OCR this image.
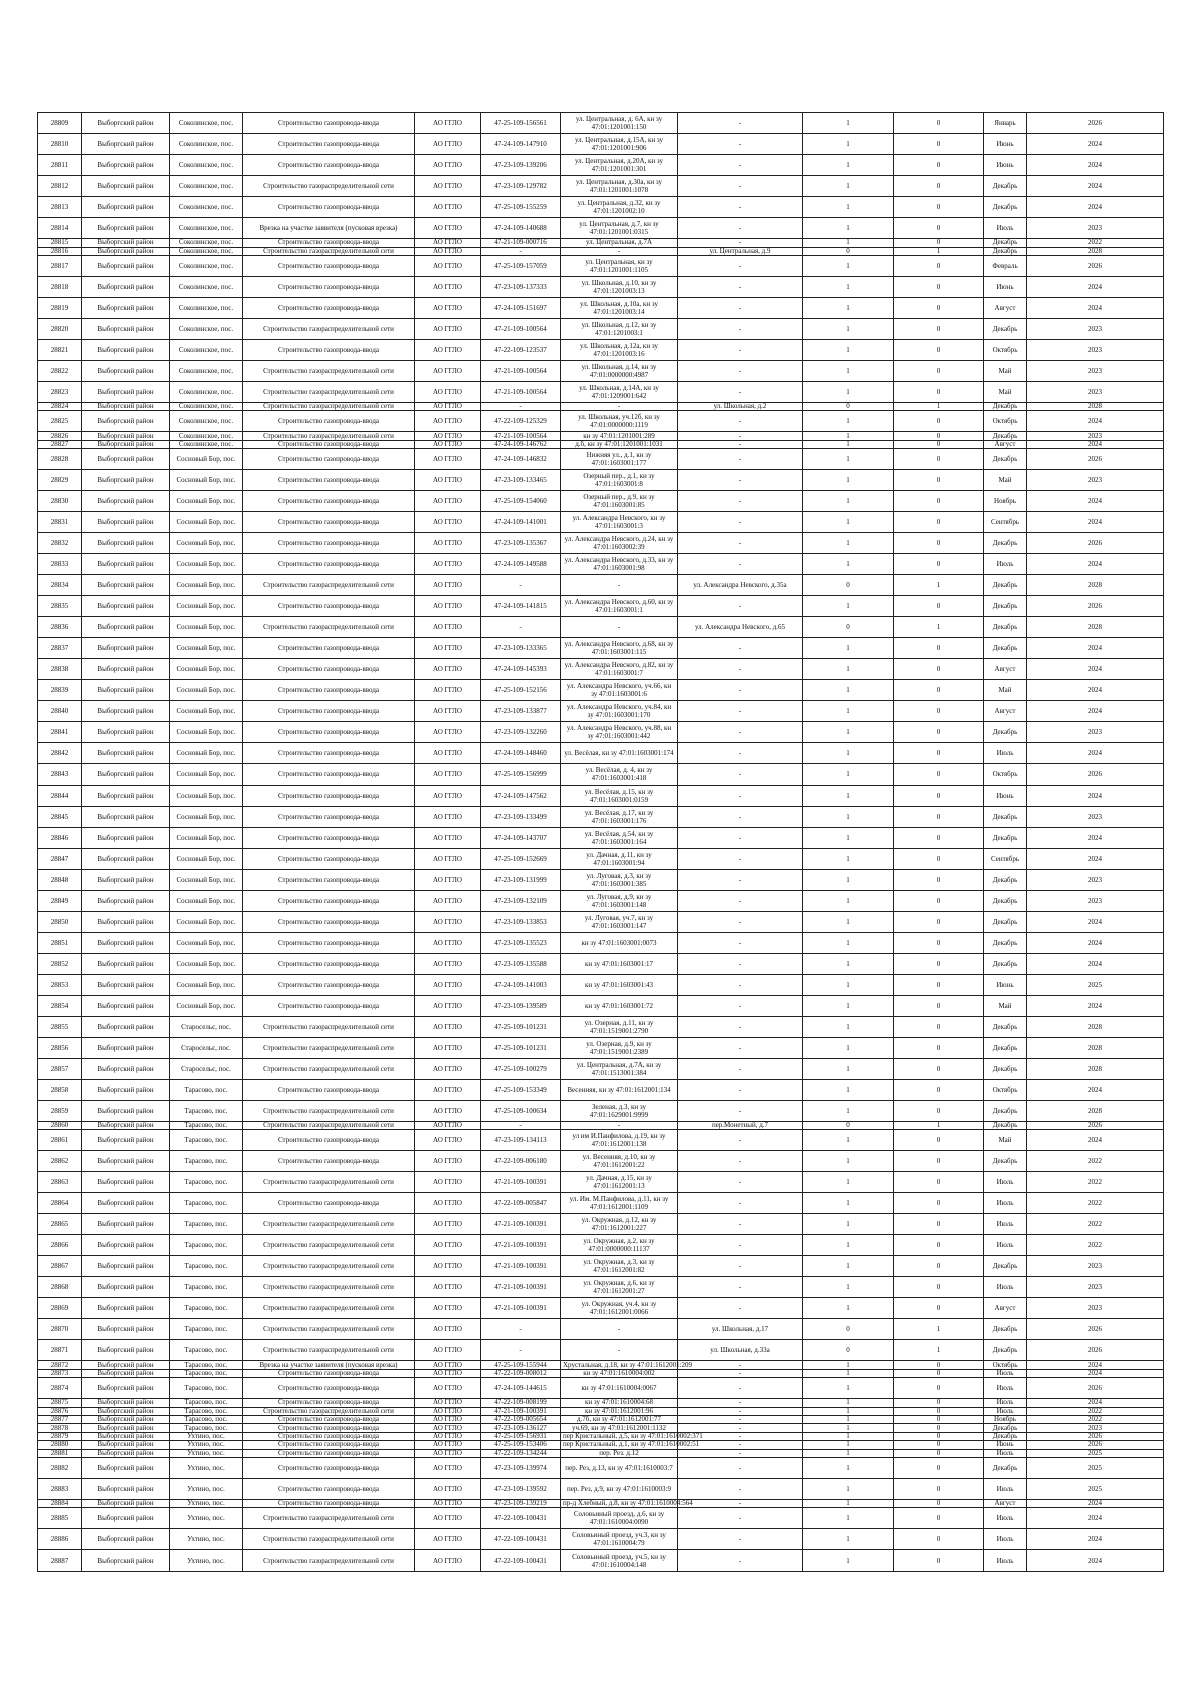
28809	Выборгский район	Соколинское, пос.	Строительство газопровода-ввода	АО ГГЛО	47-25-109-156561	ул. Центральная, д. 6А, кн зу 47:01:1201001:150	-	1	0	Январь	2026
28810	Выборгский район	Соколинское, пос.	Строительство газопровода-ввода	АО ГГЛО	47-24-109-147910	ул. Центральная, д.15А, кн зу 47:01:1201001:906	-	1	0	Июнь	2024
28811	Выборгский район	Соколинское, пос.	Строительство газопровода-ввода	АО ГГЛО	47-23-109-139206	ул. Центральная, д.20А, кн зу 47:01:1201001:301	-	1	0	Июнь	2024
28812	Выборгский район	Соколинское, пос.	Строительство газораспределительной сети	АО ГГЛО	47-23-109-129782	ул. Центральная, д.30а, кн зу 47:01:1201001:1078	-	1	0	Декабрь	2024
28813	Выборгский район	Соколинское, пос.	Строительство газопровода-ввода	АО ГГЛО	47-25-109-155259	ул. Центральная, д.32, кн зу 47:01:1201002:10	-	1	0	Декабрь	2024
28814	Выборгский район	Соколинское, пос.	Врезка на участке заявителя (пусковая врезка)	АО ГГЛО	47-24-109-140688	ул. Центральная, д.7, кн зу 47:01:1201001:0315	-	1	0	Июль	2023
28815	Выборгский район	Соколинское, пос.	Строительство газопровода-ввода	АО ГГЛО	47-21-109-000716	ул. Центральная, д.7А	-	1	0	Декабрь	2022
28816	Выборгский район	Соколинское, пос.	Строительство газораспределительной сети	АО ГГЛО	-	-	ул. Центральная, д.9	0	1	Декабрь	2028
28817	Выборгский район	Соколинское, пос.	Строительство газопровода-ввода	АО ГГЛО	47-25-109-157059	ул. Центральная, кн зу 47:01:1201001:1105	-	1	0	Февраль	2026
28818	Выборгский район	Соколинское, пос.	Строительство газопровода-ввода	АО ГГЛО	47-23-109-137333	ул. Школьная, д.10, кн зу 47:01:1201003:13	-	1	0	Июнь	2024
28819	Выборгский район	Соколинское, пос.	Строительство газопровода-ввода	АО ГГЛО	47-24-109-151697	ул. Школьная, д.10а, кн зу 47:01:1201003:14	-	1	0	Август	2024
28820	Выборгский район	Соколинское, пос.	Строительство газораспределительной сети	АО ГГЛО	47-21-109-100564	ул. Школьная, д.12, кн зу 47:01:1201003:1	-	1	0	Декабрь	2023
28821	Выборгский район	Соколинское, пос.	Строительство газопровода-ввода	АО ГГЛО	47-22-109-123537	ул. Школьная, д.12а, кн зу 47:01:1201003:16	-	1	0	Октябрь	2023
28822	Выборгский район	Соколинское, пос.	Строительство газораспределительной сети	АО ГГЛО	47-21-109-100564	ул. Школьная, д.14, кн зу 47:01:0000000:4987	-	1	0	Май	2023
28823	Выборгский район	Соколинское, пос.	Строительство газораспределительной сети	АО ГГЛО	47-21-109-100564	ул. Школьная, д.14А, кн зу 47:01:1209001:642	-	1	0	Май	2023
28824	Выборгский район	Соколинское, пос.	Строительство газораспределительной сети	АО ГГЛО	-	-	ул. Школьная, д.2	0	1	Декабрь	2028
28825	Выборгский район	Соколинское, пос.	Строительство газопровода-ввода	АО ГГЛО	47-22-109-125329	ул. Школьная, уч.12б, кн зу 47:01:0000000:1119	-	1	0	Октябрь	2024
28826	Выборгский район	Соколинское, пос.	Строительство газораспределительной сети	АО ГГЛО	47-21-109-100564	кн зу 47:01:1201001:289	-	1	0	Декабрь	2023
28827	Выборгский район	Соколинское, пос.	Строительство газопровода-ввода	АО ГГЛО	47-24-109-146762	д.б, кн зу 47:01:1201001:1031	-	1	0	Август	2024
28828	Выборгский район	Сосновый Бор, пос.	Строительство газопровода-ввода	АО ГГЛО	47-24-109-146832	Нижняя ул., д.1, кн зу 47:01:1603001:177	-	1	0	Декабрь	2026
28829	Выборгский район	Сосновый Бор, пос.	Строительство газопровода-ввода	АО ГГЛО	47-23-109-133465	Озерный пер., д.1, кн зу 47:01:1603001:8	-	1	0	Май	2023
28830	Выборгский район	Сосновый Бор, пос.	Строительство газопровода-ввода	АО ГГЛО	47-25-109-154060	Озерный пер., д.9, кн зу 47:01:1603001:85	-	1	0	Ноябрь	2024
28831	Выборгский район	Сосновый Бор, пос.	Строительство газопровода-ввода	АО ГГЛО	47-24-109-141001	ул. Александра Невского, кн зу 47:01:1603001:3	-	1	0	Сентябрь	2024
28832	Выборгский район	Сосновый Бор, пос.	Строительство газопровода-ввода	АО ГГЛО	47-23-109-135367	ул. Александра Невского, д.24, кн зу 47:01:1603002:39	-	1	0	Декабрь	2026
28833	Выборгский район	Сосновый Бор, пос.	Строительство газопровода-ввода	АО ГГЛО	47-24-109-149588	ул. Александра Невского, д.33, кн зу 47:01:1603001:98	-	1	0	Июль	2024
28834	Выборгский район	Сосновый Бор, пос.	Строительство газораспределительной сети	АО ГГЛО	-	-	ул. Александра Невского, д.35а	0	1	Декабрь	2028
28835	Выборгский район	Сосновый Бор, пос.	Строительство газопровода-ввода	АО ГГЛО	47-24-109-141815	ул. Александра Невского, д.60, кн зу 47:01:1603001:1	-	1	0	Декабрь	2026
28836	Выборгский район	Сосновый Бор, пос.	Строительство газораспределительной сети	АО ГГЛО	-	-	ул. Александра Невского, д.65	0	1	Декабрь	2028
28837	Выборгский район	Сосновый Бор, пос.	Строительство газопровода-ввода	АО ГГЛО	47-23-109-133365	ул. Александра Невского, д.68, кн зу 47:01:1603001:115	-	1	0	Декабрь	2024
28838	Выборгский район	Сосновый Бор, пос.	Строительство газопровода-ввода	АО ГГЛО	47-24-109-145393	ул. Александра Невского, д.82, кн зу 47:01:1603001:7	-	1	0	Август	2024
28839	Выборгский район	Сосновый Бор, пос.	Строительство газопровода-ввода	АО ГГЛО	47-25-109-152156	ул. Александра Невского, уч.66, кн зу 47:01:1603001:6	-	1	0	Май	2024
28840	Выборгский район	Сосновый Бор, пос.	Строительство газопровода-ввода	АО ГГЛО	47-23-109-133877	ул. Александра Невского, уч.84, кн зу 47:01:1603001:170	-	1	0	Август	2024
28841	Выборгский район	Сосновый Бор, пос.	Строительство газопровода-ввода	АО ГГЛО	47-23-109-132260	ул. Александра Невского, уч.88, кн зу 47:01:1603001:442	-	1	0	Декабрь	2023
28842	Выборгский район	Сосновый Бор, пос.	Строительство газопровода-ввода	АО ГГЛО	47-24-109-148460	ул. Весёлая, кн зу 47:01:1603001:174	-	1	0	Июль	2024
28843	Выборгский район	Сосновый Бор, пос.	Строительство газопровода-ввода	АО ГГЛО	47-25-109-156999	ул. Весёлая, д. 4, кн зу 47:01:1603001:418	-	1	0	Октябрь	2026
28844	Выборгский район	Сосновый Бор, пос.	Строительство газопровода-ввода	АО ГГЛО	47-24-109-147562	ул. Весёлая, д.15, кн зу 47:01:1603001:0159	-	1	0	Июнь	2024
28845	Выборгский район	Сосновый Бор, пос.	Строительство газопровода-ввода	АО ГГЛО	47-23-109-133499	ул. Весёлая, д.17, кн зу 47:01:1603001:176	-	1	0	Декабрь	2023
28846	Выборгский район	Сосновый Бор, пос.	Строительство газопровода-ввода	АО ГГЛО	47-24-109-143707	ул. Весёлая, д.54, кн зу 47:01:1603001:164	-	1	0	Декабрь	2024
28847	Выборгский район	Сосновый Бор, пос.	Строительство газопровода-ввода	АО ГГЛО	47-25-109-152669	ул. Дачная, д.11, кн зу 47:01:1603001:94	-	1	0	Сентябрь	2024
28848	Выборгский район	Сосновый Бор, пос.	Строительство газопровода-ввода	АО ГГЛО	47-23-109-131999	ул. Луговая, д.3, кн зу 47:01:1603001:385	-	1	0	Декабрь	2023
28849	Выборгский район	Сосновый Бор, пос.	Строительство газопровода-ввода	АО ГГЛО	47-23-109-132109	ул. Луговая, д.9, кн зу 47:01:1603001:148	-	1	0	Декабрь	2023
28850	Выборгский район	Сосновый Бор, пос.	Строительство газопровода-ввода	АО ГГЛО	47-23-109-133853	ул. Луговая, уч.7, кн зу 47:01:1603001:147	-	1	0	Декабрь	2024
28851	Выборгский район	Сосновый Бор, пос.	Строительство газопровода-ввода	АО ГГЛО	47-23-109-135523	кн зу 47:01:1603001:0073	-	1	0	Декабрь	2024
28852	Выборгский район	Сосновый Бор, пос.	Строительство газопровода-ввода	АО ГГЛО	47-23-109-135588	кн зу 47:01:1603001:17	-	1	0	Декабрь	2024
28853	Выборгский район	Сосновый Бор, пос.	Строительство газопровода-ввода	АО ГГЛО	47-24-109-141003	кн зу 47:01:1603001:43	-	1	0	Июнь	2025
28854	Выборгский район	Сосновый Бор, пос.	Строительство газопровода-ввода	АО ГГЛО	47-23-109-139589	кн зу 47:01:1603001:72	-	1	0	Май	2024
28855	Выборгский район	Старосельє, пос.	Строительство газораспределительной сети	АО ГГЛО	47-25-109-101231	ул. Озерная, д.11, кн зу 47:01:1519001:2790	-	1	0	Декабрь	2028
28856	Выборгский район	Старосельє, пос.	Строительство газораспределительной сети	АО ГГЛО	47-25-109-101231	ул. Озерная, д.9, кн зу 47:01:1519001:2389	-	1	0	Декабрь	2028
28857	Выборгский район	Старосельє, пос.	Строительство газораспределительной сети	АО ГГЛО	47-25-109-100279	ул. Центральная, д.7А, кн зу 47:01:1513001:384	-	1	0	Декабрь	2028
28858	Выборгский район	Тарасово, пос.	Строительство газопровода-ввода	АО ГГЛО	47-25-109-153349	Весенняя, кн зу 47:01:1612001:134	-	1	0	Октябрь	2024
28859	Выборгский район	Тарасово, пос.	Строительство газораспределительной сети	АО ГГЛО	47-25-109-100634	Зеленая, д.3, кн зу 47:01:1629001:9999	-	1	0	Декабрь	2028
28860	Выборгский район	Тарасово, пос.	Строительство газораспределительной сети	АО ГГЛО	-	-	пер.Монетный, д.7	0	1	Декабрь	2026
28861	Выборгский район	Тарасово, пос.	Строительство газопровода-ввода	АО ГГЛО	47-23-109-134113	ул им И.Панфилова, д.19, кн зу 47:01:1612001:138	-	1	0	Май	2024
28862	Выборгский район	Тарасово, пос.	Строительство газопровода-ввода	АО ГГЛО	47-22-109-006180	ул. Весенняя, д.10, кн зу 47:01:1612001:22	-	1	0	Декабрь	2022
28863	Выборгский район	Тарасово, пос.	Строительство газораспределительной сети	АО ГГЛО	47-21-109-100391	ул. Дачная, д.15, кн зу 47:01:1612001:13	-	1	0	Июль	2022
28864	Выборгский район	Тарасово, пос.	Строительство газопровода-ввода	АО ГГЛО	47-22-109-005847	ул. Им. М.Панфилова, д.11, кн зу 47:01:1612001:1109	-	1	0	Июль	2022
28865	Выборгский район	Тарасово, пос.	Строительство газораспределительной сети	АО ГГЛО	47-21-109-100391	ул. Окружная, д.12, кн зу 47:01:1612001:227	-	1	0	Июль	2022
28866	Выборгский район	Тарасово, пос.	Строительство газораспределительной сети	АО ГГЛО	47-21-109-100391	ул. Окружная, д.2, кн зу 47:01:0000000:11137	-	1	0	Июль	2022
28867	Выборгский район	Тарасово, пос.	Строительство газораспределительной сети	АО ГГЛО	47-21-109-100391	ул. Окружная, д.3, кн зу 47:01:1612001:82	-	1	0	Декабрь	2023
28868	Выборгский район	Тарасово, пос.	Строительство газораспределительной сети	АО ГГЛО	47-21-109-100391	ул. Окружная, д.6, кн зу 47:01:1612001:27	-	1	0	Июль	2023
28869	Выборгский район	Тарасово, пос.	Строительство газораспределительной сети	АО ГГЛО	47-21-109-100391	ул. Окружная, уч.4, кн зу 47:01:1612001:0066	-	1	0	Август	2023
28870	Выборгский район	Тарасово, пос.	Строительство газораспределительной сети	АО ГГЛО	-	-	ул. Школьная, д.17	0	1	Декабрь	2026
28871	Выборгский район	Тарасово, пос.	Строительство газораспределительной сети	АО ГГЛО	-	-	ул. Школьная, д.33а	0	1	Декабрь	2026
28872	Выборгский район	Тарасово, пос.	Врезка на участке заявителя (пусковая врезка)	АО ГГЛО	47-25-109-155944	Хрустальная, д.18, кн зу 47:01:1612001:209	-	1	0	Октябрь	2024
28873	Выборгский район	Тарасово, пос.	Строительство газопровода-ввода	АО ГГЛО	47-22-109-008012	кн зу 47:01:1610004:002	-	1	0	Июль	2024
28874	Выборгский район	Тарасово, пос.	Строительство газопровода-ввода	АО ГГЛО	47-24-109-144615	кн зу 47:01:1610004:0067	-	1	0	Июль	2026
28875	Выборгский район	Тарасово, пос.	Строительство газопровода-ввода	АО ГГЛО	47-22-109-008199	кн зу 47:01:1610004:68	-	1	0	Июль	2024
28876	Выборгский район	Тарасово, пос.	Строительство газораспределительной сети	АО ГГЛО	47-21-109-100391	кн зу 47:01:1612001:96	-	1	0	Июль	2022
28877	Выборгский район	Тарасово, пос.	Строительство газопровода-ввода	АО ГГЛО	47-22-109-005654	д.7б, кн зу 47:01:1612001:77	-	1	0	Ноябрь	2022
28878	Выборгский район	Тарасово, пос.	Строительство газопровода-ввода	АО ГГЛО	47-23-109-136127	уч.69, кн зу 47:01:1612001:1132	-	1	0	Декабрь	2023
28879	Выборгский район	Ухтино, пос.	Строительство газопровода-ввода	АО ГГЛО	47-25-109-156931	пер Кристальный, д.5, кн зу 47:01:1610002:371	-	1	0	Декабрь	2026
28880	Выборгский район	Ухтино, пос.	Строительство газопровода-ввода	АО ГГЛО	47-25-109-153406	пер Кристальный, д.1, кн зу 47:01:1610002:51	-	1	0	Июнь	2026
28881	Выборгский район	Ухтино, пос.	Строительство газопровода-ввода	АО ГГЛО	47-22-109-134244	пер. Рез. д.12	-	1	0	Июль	2025
28882	Выборгский район	Ухтино, пос.	Строительство газопровода-ввода	АО ГГЛО	47-23-109-139974	пер. Рез, д.13, кн зу 47:01:1610003:7	-	1	0	Декабрь	2025
28883	Выборгский район	Ухтино, пос.	Строительство газопровода-ввода	АО ГГЛО	47-23-109-139592	пер. Рез, д.9, кн зу 47:01:1610003:9	-	1	0	Июль	2025
28884	Выборгский район	Ухтино, пос.	Строительство газопровода-ввода	АО ГГЛО	47-23-109-139219	пр-д Хлебный, д.8, кн зу 47:01:1610004:564	-	1	0	Август	2024
28885	Выборгский район	Ухтино, пос.	Строительство газораспределительной сети	АО ГГЛО	47-22-109-100431	Соловьиный проезд, д.6, кн зу 47:01:1610004:0090	-	1	0	Июль	2024
28886	Выборгский район	Ухтино, пос.	Строительство газораспределительной сети	АО ГГЛО	47-22-109-100431	Соловьиный проезд, уч.3, кн зу 47:01:1610004:79	-	1	0	Июль	2024
28887	Выборгский район	Ухтино, пос.	Строительство газораспределительной сети	АО ГГЛО	47-22-109-100431	Соловьиный проезд, уч.5, кн зу 47:01:1610004:148	-	1	0	Июль	2024
